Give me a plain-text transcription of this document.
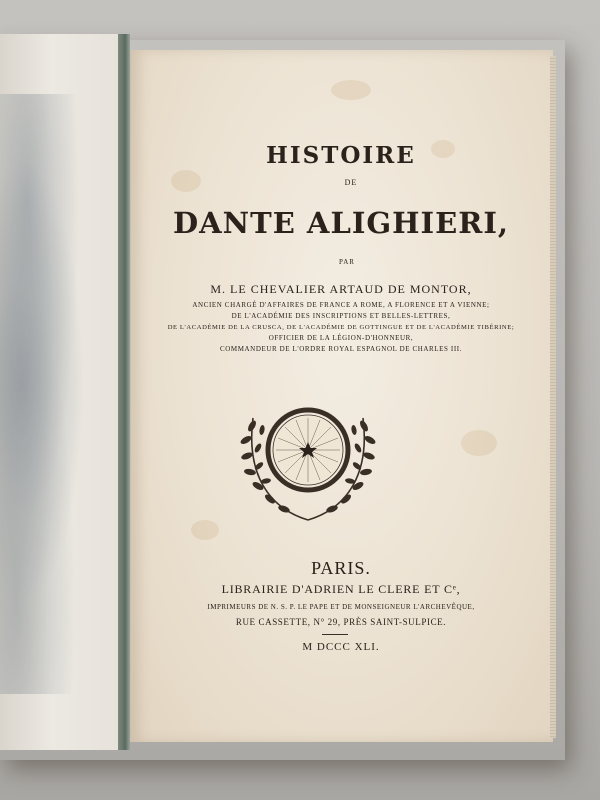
HISTOIRE
DE
DANTE ALIGHIERI,
PAR
M. LE CHEVALIER ARTAUD DE MONTOR,
ANCIEN CHARGÉ D'AFFAIRES DE FRANCE A ROME, A FLORENCE ET A VIENNE;
DE L'ACADÉMIE DES INSCRIPTIONS ET BELLES-LETTRES,
DE L'ACADÉMIE DE LA CRUSCA, DE L'ACADÉMIE DE GOTTINGUE ET DE L'ACADÉMIE TIBÉRINE;
OFFICIER DE LA LÉGION-D'HONNEUR,
COMMANDEUR DE L'ORDRE ROYAL ESPAGNOL DE CHARLES III.
PARIS.
LIBRAIRIE D'ADRIEN LE CLERE ET Cᵉ,
IMPRIMEURS DE N. S. P. LE PAPE ET DE MONSEIGNEUR L'ARCHEVÊQUE,
RUE CASSETTE, N° 29, PRÈS SAINT-SULPICE.
M DCCC XLI.
